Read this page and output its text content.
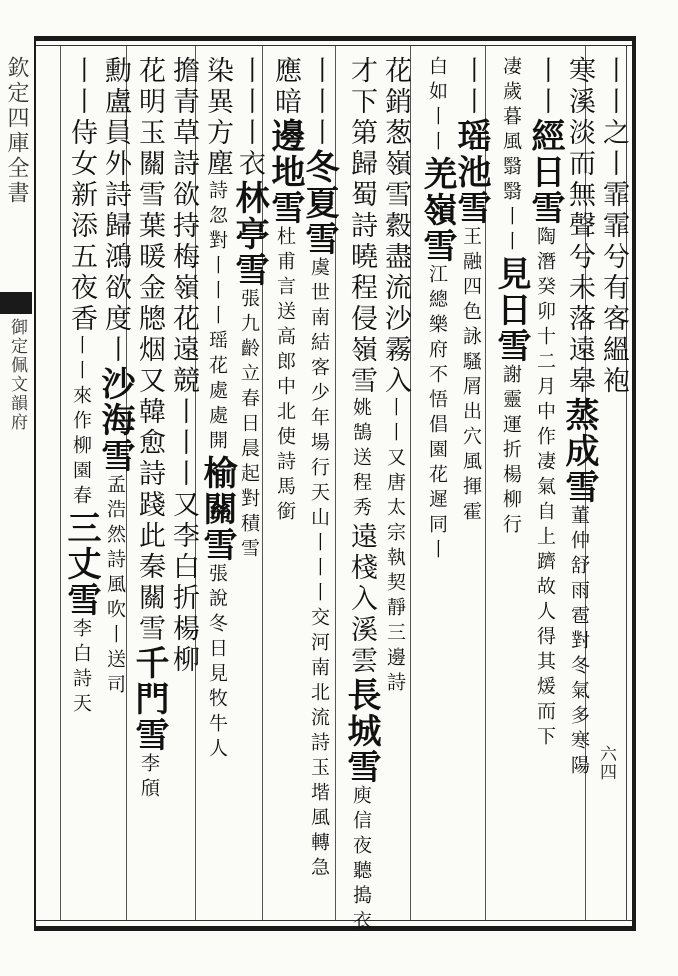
欽定四庫全書
御定佩文韻府
六四
丨丨之丨霏霏兮有客縕袍
寒溪淡而無聲兮未落遠皋蒸成雪董仲舒雨雹對冬氣多寒陽
丨丨經日雪陶潛癸卯十二月中作凄氣自上躋故人得其煖而下
凄歲暮風翳翳丨丨見日雪謝靈運折楊柳行
丨丨瑶池雪王融四色詠騷屑出穴風揮霍
白如丨丨羌嶺雪江總樂府不悟倡園花遲同丨
花銷葱嶺雪縠盡流沙霧入丨丨又唐太宗執契靜三邊詩
才下第歸蜀詩曉程侵嶺雪姚鵠送程秀遠棧入溪雲長城雪庾信夜聽搗衣
丨丨丨冬夏雪虞世南結客少年場行天山丨丨丨交河南北流詩玉堦風轉急
應暗邊地雪杜甫言送高郎中北使詩馬銜
丨丨丨衣林亭雪張九齡立春日晨起對積雪
染異方塵詩忽對丨丨丨瑶花處處開榆關雪張說冬日見牧牛人
擔青草詩欲持梅嶺花遠競丨丨丨又李白折楊柳
花明玉關雪葉暖金牕烟又韓愈詩踐此秦關雪千門雪李頎
勳盧員外詩歸鴻欲度丨沙海雪孟浩然詩風吹丨送司
丨丨侍女新添五夜香丨丨來作柳園春三丈雪李白詩天
